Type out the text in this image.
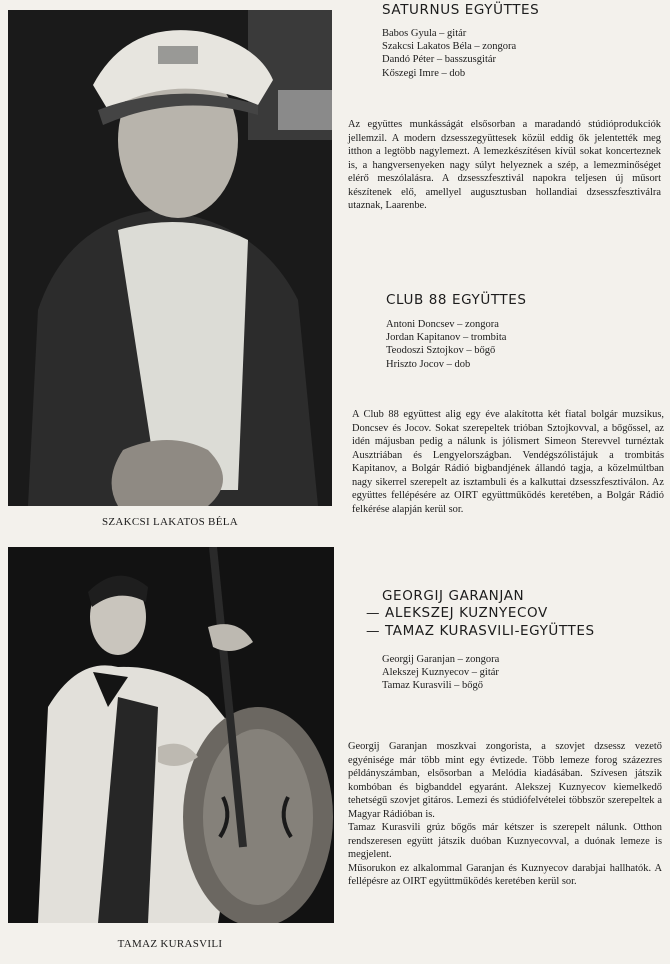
SZAKCSI LAKATOS BÉLA
TAMAZ KURASVILI
SATURNUS EGYÜTTES
Babos Gyula – gitár
Szakcsi Lakatos Béla – zongora
Dandó Péter – basszusgitár
Kőszegi Imre – dob

Az együttes munkásságát elsősorban a maradandó stúdióprodukciók jellemzil. A modern dzsesszegyüttesek közül eddig ők jelentették meg itthon a legtöbb nagylemezt. A lemezkészítésen kívül sokat koncerteznek is, a hangversenyeken nagy súlyt helyeznek a szép, a lemezminőséget elérő meszólalásra. A dzsesszfesztivál napokra teljesen új műsort készítenek elő, amellyel augusztusban hollandiai dzsesszfesztiválra utaznak, Laarenbe.

CLUB 88 EGYÜTTES
Antoni Doncsev – zongora
Jordan Kapitanov – trombita
Teodoszi Sztojkov – bőgő
Hriszto Jocov – dob

A Club 88 együttest alig egy éve alakította két fiatal bolgár muzsikus, Doncsev és Jocov. Sokat szerepeltek trióban Sztojkovval, a bőgőssel, az idén májusban pedig a nálunk is jólismert Simeon Sterevvel turnéztak Ausztriában és Lengyelországban. Vendégszólistájuk a trombitás Kapitanov, a Bolgár Rádió bigbandjének állandó tagja, a közelmúltban nagy sikerrel szerepelt az isztambuli és a kalkuttai dzsesszfesztiválon. Az együttes fellépésére az OIRT együttműködés keretében, a Bolgár Rádió felkérése alapján kerül sor.

GEORGIJ GARANJAN
— ALEKSZEJ KUZNYECOV
— TAMAZ KURASVILI-EGYÜTTES
Georgij Garanjan – zongora
Alekszej Kuznyecov – gitár
Tamaz Kurasvili – bőgő

Georgij Garanjan moszkvai zongorista, a szovjet dzsessz vezető egyénisége már több mint egy évtizede. Több lemeze forog százezres példányszámban, elsősorban a Melódia kiadásában. Szívesen játszik kombóban és bigbanddel egyaránt. Alekszej Kuznyecov kiemelkedő tehetségű szovjet gitáros. Lemezi és stúdiófelvételei többször szerepeltek a Magyar Rádióban is.

Tamaz Kurasvili grúz bőgős már kétszer is szerepelt nálunk. Otthon rendszeresen együtt játszik duóban Kuznyecovval, a duónak lemeze is megjelent.

Műsorukon ez alkalommal Garanjan és Kuznyecov darabjai hallhatók. A fellépésre az OIRT együttműködés keretében kerül sor.
